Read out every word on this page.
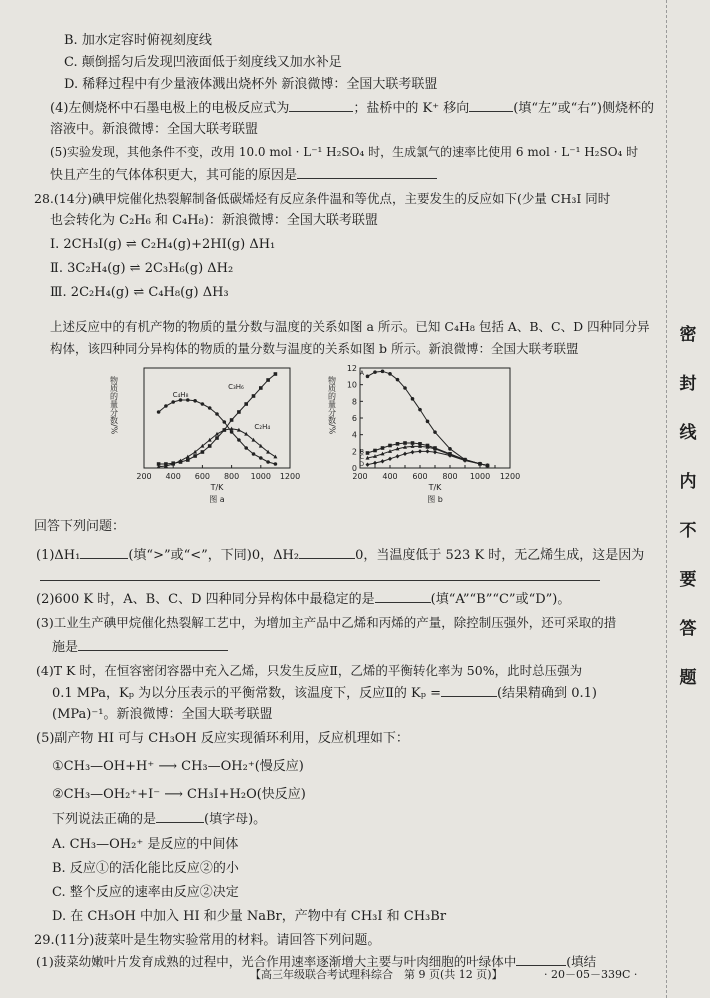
密
封
线
内
不
要
答
题
B. 加水定容时俯视刻度线
C. 颠倒摇匀后发现凹液面低于刻度线又加水补足
D. 稀释过程中有少量液体溅出烧杯外 新浪微博：全国大联考联盟
(4)左侧烧杯中石墨电极上的电极反应式为	；盐桥中的 K⁺ 移向	(填“左”或“右”)侧烧杯的
溶液中。新浪微博：全国大联考联盟
(5)实验发现，其他条件不变，改用 10.0 mol · L⁻¹ H₂SO₄ 时，生成氯气的速率比使用 6 mol · L⁻¹ H₂SO₄ 时
快且产生的气体体积更大，其可能的原因是
28.(14分)碘甲烷催化热裂解制备低碳烯烃有反应条件温和等优点，主要发生的反应如下(少量 CH₃I 同时
也会转化为 C₂H₆ 和 C₄H₈)：新浪微博：全国大联考联盟
Ⅰ. 2CH₃I(g) ⇌ C₂H₄(g)+2HI(g) ΔH₁
Ⅱ. 3C₂H₄(g) ⇌ 2C₃H₆(g) ΔH₂
Ⅲ. 2C₂H₄(g) ⇌ C₄H₈(g) ΔH₃
上述反应中的有机产物的物质的量分数与温度的关系如图 a 所示。已知 C₄H₈ 包括 A、B、C、D 四种同分异
构体，该四种同分异构体的物质的量分数与温度的关系如图 b 所示。新浪微博：全国大联考联盟
200 400 600 800 1000 1200
T/K
物质的量分数/%
图 a
C₄H₈
C₃H₆
C₂H₄
200 400 600 800 1000 1200
0
2
4
6
8
10
12
T/K
物质的量分数/%
图 b
A
B
C
D
回答下列问题：
(1)ΔH₁	(填“>”或“<”，下同)0，ΔH₂	0，当温度低于 523 K 时，无乙烯生成，这是因为
(2)600 K 时，A、B、C、D 四种同分异构体中最稳定的是	(填“A”“B”“C”或“D”)。
(3)工业生产碘甲烷催化热裂解工艺中，为增加主产品中乙烯和丙烯的产量，除控制压强外，还可采取的措
施是
(4)T K 时，在恒容密闭容器中充入乙烯，只发生反应Ⅱ，乙烯的平衡转化率为 50%，此时总压强为
0.1 MPa，Kₚ 为以分压表示的平衡常数，该温度下，反应Ⅱ的 Kₚ =	(结果精确到 0.1)
(MPa)⁻¹。新浪微博：全国大联考联盟
(5)副产物 HI 可与 CH₃OH 反应实现循环利用，反应机理如下：
①CH₃—OH+H⁺ ⟶ CH₃—OH₂⁺(慢反应)
②CH₃—OH₂⁺+I⁻ ⟶ CH₃I+H₂O(快反应)
下列说法正确的是	(填字母)。
A. CH₃—OH₂⁺ 是反应的中间体
B. 反应①的活化能比反应②的小
C. 整个反应的速率由反应②决定
D. 在 CH₃OH 中加入 HI 和少量 NaBr，产物中有 CH₃I 和 CH₃Br
29.(11分)菠菜叶是生物实验常用的材料。请回答下列问题。
(1)菠菜幼嫩叶片发育成熟的过程中，光合作用速率逐渐增大主要与叶肉细胞的叶绿体中	(填结
【高三年级联合考试理科综合　第 9 页(共 12 页)】	· 20－05－339C ·
